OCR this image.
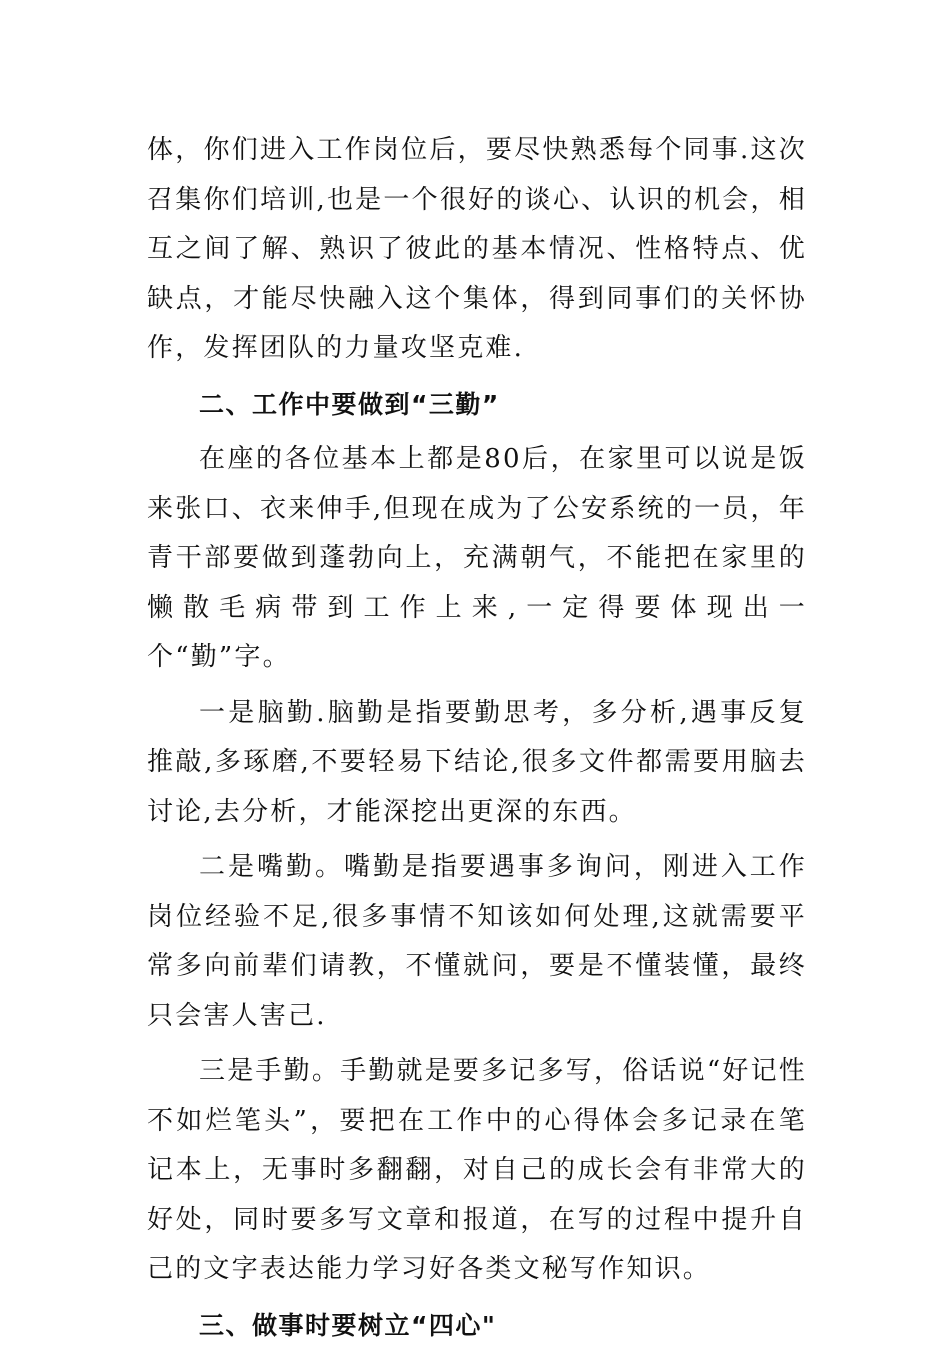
体，你们进入工作岗位后，要尽快熟悉每个同事.这次召集你们培训,也是一个很好的谈心、认识的机会，相互之间了解、熟识了彼此的基本情况、性格特点、优缺点，才能尽快融入这个集体，得到同事们的关怀协作，发挥团队的力量攻坚克难.

二、工作中要做到“三勤”

在座的各位基本上都是80后，在家里可以说是饭来张口、衣来伸手,但现在成为了公安系统的一员，年青干部要做到蓬勃向上，充满朝气，不能把在家里的懒散毛病带到工作上来,一定得要体现出一个“勤”字。

一是脑勤.脑勤是指要勤思考，多分析,遇事反复推敲,多琢磨,不要轻易下结论,很多文件都需要用脑去讨论,去分析，才能深挖出更深的东西。

二是嘴勤。嘴勤是指要遇事多询问，刚进入工作岗位经验不足,很多事情不知该如何处理,这就需要平常多向前辈们请教，不懂就问，要是不懂装懂，最终只会害人害己.

三是手勤。手勤就是要多记多写，俗话说“好记性不如烂笔头”，要把在工作中的心得体会多记录在笔记本上，无事时多翻翻，对自己的成长会有非常大的好处，同时要多写文章和报道，在写的过程中提升自己的文字表达能力学习好各类文秘写作知识。

三、做事时要树立“四心"
